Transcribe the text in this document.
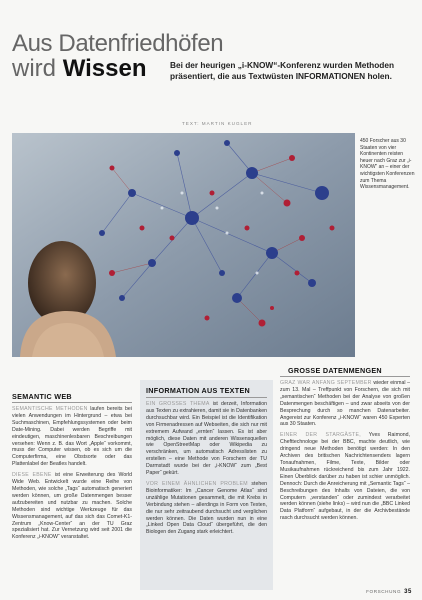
Aus Datenfriedhöfen
wird Wissen	Bei der heurigen „i-KNOW“-Konferenz wurden Methoden präsentiert, die aus Textwüsten INFORMATIONEN holen.
TEXT: MARTIN KUGLER
450 Forscher aus 30 Staaten von vier Kontinenten reisten heuer nach Graz zur „i-KNOW“ an – einer der wichtigsten Konferenzen zum Thema Wissensmanagement.
SEMANTIC WEB

SEMANTISCHE METHODEN laufen bereits bei vielen Anwendungen im Hintergrund – etwa bei Suchmaschinen, Empfehlungssystemen oder beim Date-Mining. Dabei werden Begriffe mit eindeutigen, maschinenlesbaren Beschreibungen versehen: Wenn z. B. das Wort „Apple“ vorkommt, muss der Computer wissen, ob es sich um die Computerfirma, eine Obstsorte oder das Plattenlabel der Beatles handelt.

DIESE EBENE ist eine Erweiterung des World Wide Web. Entwickelt wurde eine Reihe von Methoden, wie solche „Tags“ automatisch generiert werden können, um große Datenmengen besser aufzubereiten und nutzbar zu machen. Solche Methoden sind wichtige Werkzeuge für das Wissensmanagement, auf das sich das Comet-K1-Zentrum „Know-Center“ an der TU Graz spezialisiert hat. Zur Vernetzung wird seit 2001 die Konferenz „i-KNOW“ veranstaltet.

INFORMATION AUS TEXTEN

EIN GROSSES THEMA ist derzeit, Information aus Texten zu extrahieren, damit sie in Datenbanken durchsuchbar wird. Ein Beispiel ist die Identifikation von Firmenadressen auf Webseiten, die sich nur mit extremem Aufwand „ernten“ lassen. Es ist aber möglich, diese Daten mit anderen Wissensquellen wie OpenStreetMap oder Wikipedia zu verschränken, um automatisch Adresslisten zu erstellen – eine Methode von Forschern der TU Darmstadt wurde bei der „i-KNOW“ zum „Best Paper“ gekürt.

VOR EINEM ÄHNLICHEN PROBLEM stehen Bioinformatiker: Im „Cancer Genome Atlas“ sind unzählige Mutationen gesammelt, die mit Krebs in Verbindung stehen – allerdings in Form von Texten, die nur sehr zeitraubend durchsucht und verglichen werden können. Die Daten wurden nun in eine „Linked Open Data Cloud“ übergeführt, die den Biologen den Zugang stark erleichtert.

GROSSE DATENMENGEN

GRAZ WAR ANFANG SEPTEMBER wieder einmal – zum 13. Mal – Treffpunkt von Forschern, die sich mit „semantischen“ Methoden bei der Analyse von großen Datenmengen beschäftigen – und zwar abseits von der Besprechung durch so manchen Datenarbeiter. Angereist zur Konferenz „i-KNOW“ waren 450 Experten aus 30 Staaten.

EINER DER STARGÄSTE, Yves Raimond, Chefttechnologe bei der BBC, machte deutlich, wie dringend neue Methoden benötigt werden: In den Archiven des britischen Nachrichtensenders lagern Tonaufnahmen, Filme, Texte, Bilder oder Musikaufnahmen rückreichend bis zum Jahr 1922. Einen Überblick darüber zu haben ist schier unmöglich. Dennoch: Durch die Anreicherung mit „Semantic Tags“ – Beschreibungen des Inhalts von Dateien, die von Computern „verstanden“ oder zumindest verarbeitet werden können (siehe links) – wird nun die „BBC Linked Data Platform“ aufgebaut, in der die Archivbestände rasch durchsucht werden können.

FORSCHUNG 35
